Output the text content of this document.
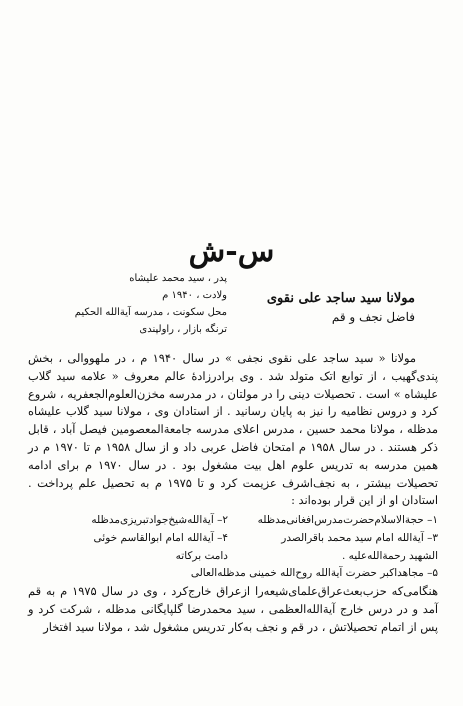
س-ش
مولانا سید ساجد علی نقوی
فاضل نجف و قم
پدر ، سید محمد علیشاه
ولادت ، ۱۹۴۰ م
محل سکونت ، مدرسه آیة‌الله الحکیم
ترنگه بازار ، راولپندی

مولانا « سید ساجد علی نقوی نجفی » در سال ۱۹۴۰ م ، در ملهووالی ، بخش پندی‌گهیب ، از توابع اتک متولد شد . وی برادرزادهٔ عالم معروف « علامه سید گلاب علیشاه » است . تحصیلات دینی را در مولتان ، در مدرسه مخزن‌العلوم‌الجعفریه ، شروع کرد و دروس نظامیه را نیز به پایان رسانید . از استادان وی ، مولانا سید گلاب علیشاه مدظله ، مولانا محمد حسین ، مدرس اعلای مدرسه جامعةالمعصومین فیصل آباد ، قابل ذکر هستند . در سال ۱۹۵۸ م امتحان فاضل عربی داد و از سال ۱۹۵۸ م تا ۱۹۷۰ م در همین مدرسه به تدریس علوم اهل بیت مشغول بود . در سال ۱۹۷۰ م برای ادامه تحصیلات بیشتر ، به نجف‌اشرف عزیمت کرد و تا ۱۹۷۵ م به تحصیل علم پرداخت . استادان او از این قرار بوده‌اند :

۱– حجةالاسلام‌حضرت‌مدرس‌افغانی‌مدظله
۲– آیة‌الله‌شیخ‌جوادتبریزی‌مدظله
۳– آیة‌الله امام سید محمد باقرالصدر
۴– آیة‌الله امام ابوالقاسم خوئی
الشهید رحمة‌الله‌علیه .
دامت برکاته
۵– مجاهداکبر حضرت آیة‌الله روح‌الله خمینی مدظله‌العالی

هنگامی‌که حزب‌بعث‌عراق‌علمای‌شیعه‌را ازعراق خارج‌کرد ، وی در سال ۱۹۷۵ م به قم آمد و در درس خارج آیة‌الله‌العظمی ، سید محمدرضا گلپایگانی مدظله ، شرکت کرد و پس از اتمام تحصیلاتش ، در قم و نجف به‌کار تدریس مشغول شد ، مولانا سید افتخار
